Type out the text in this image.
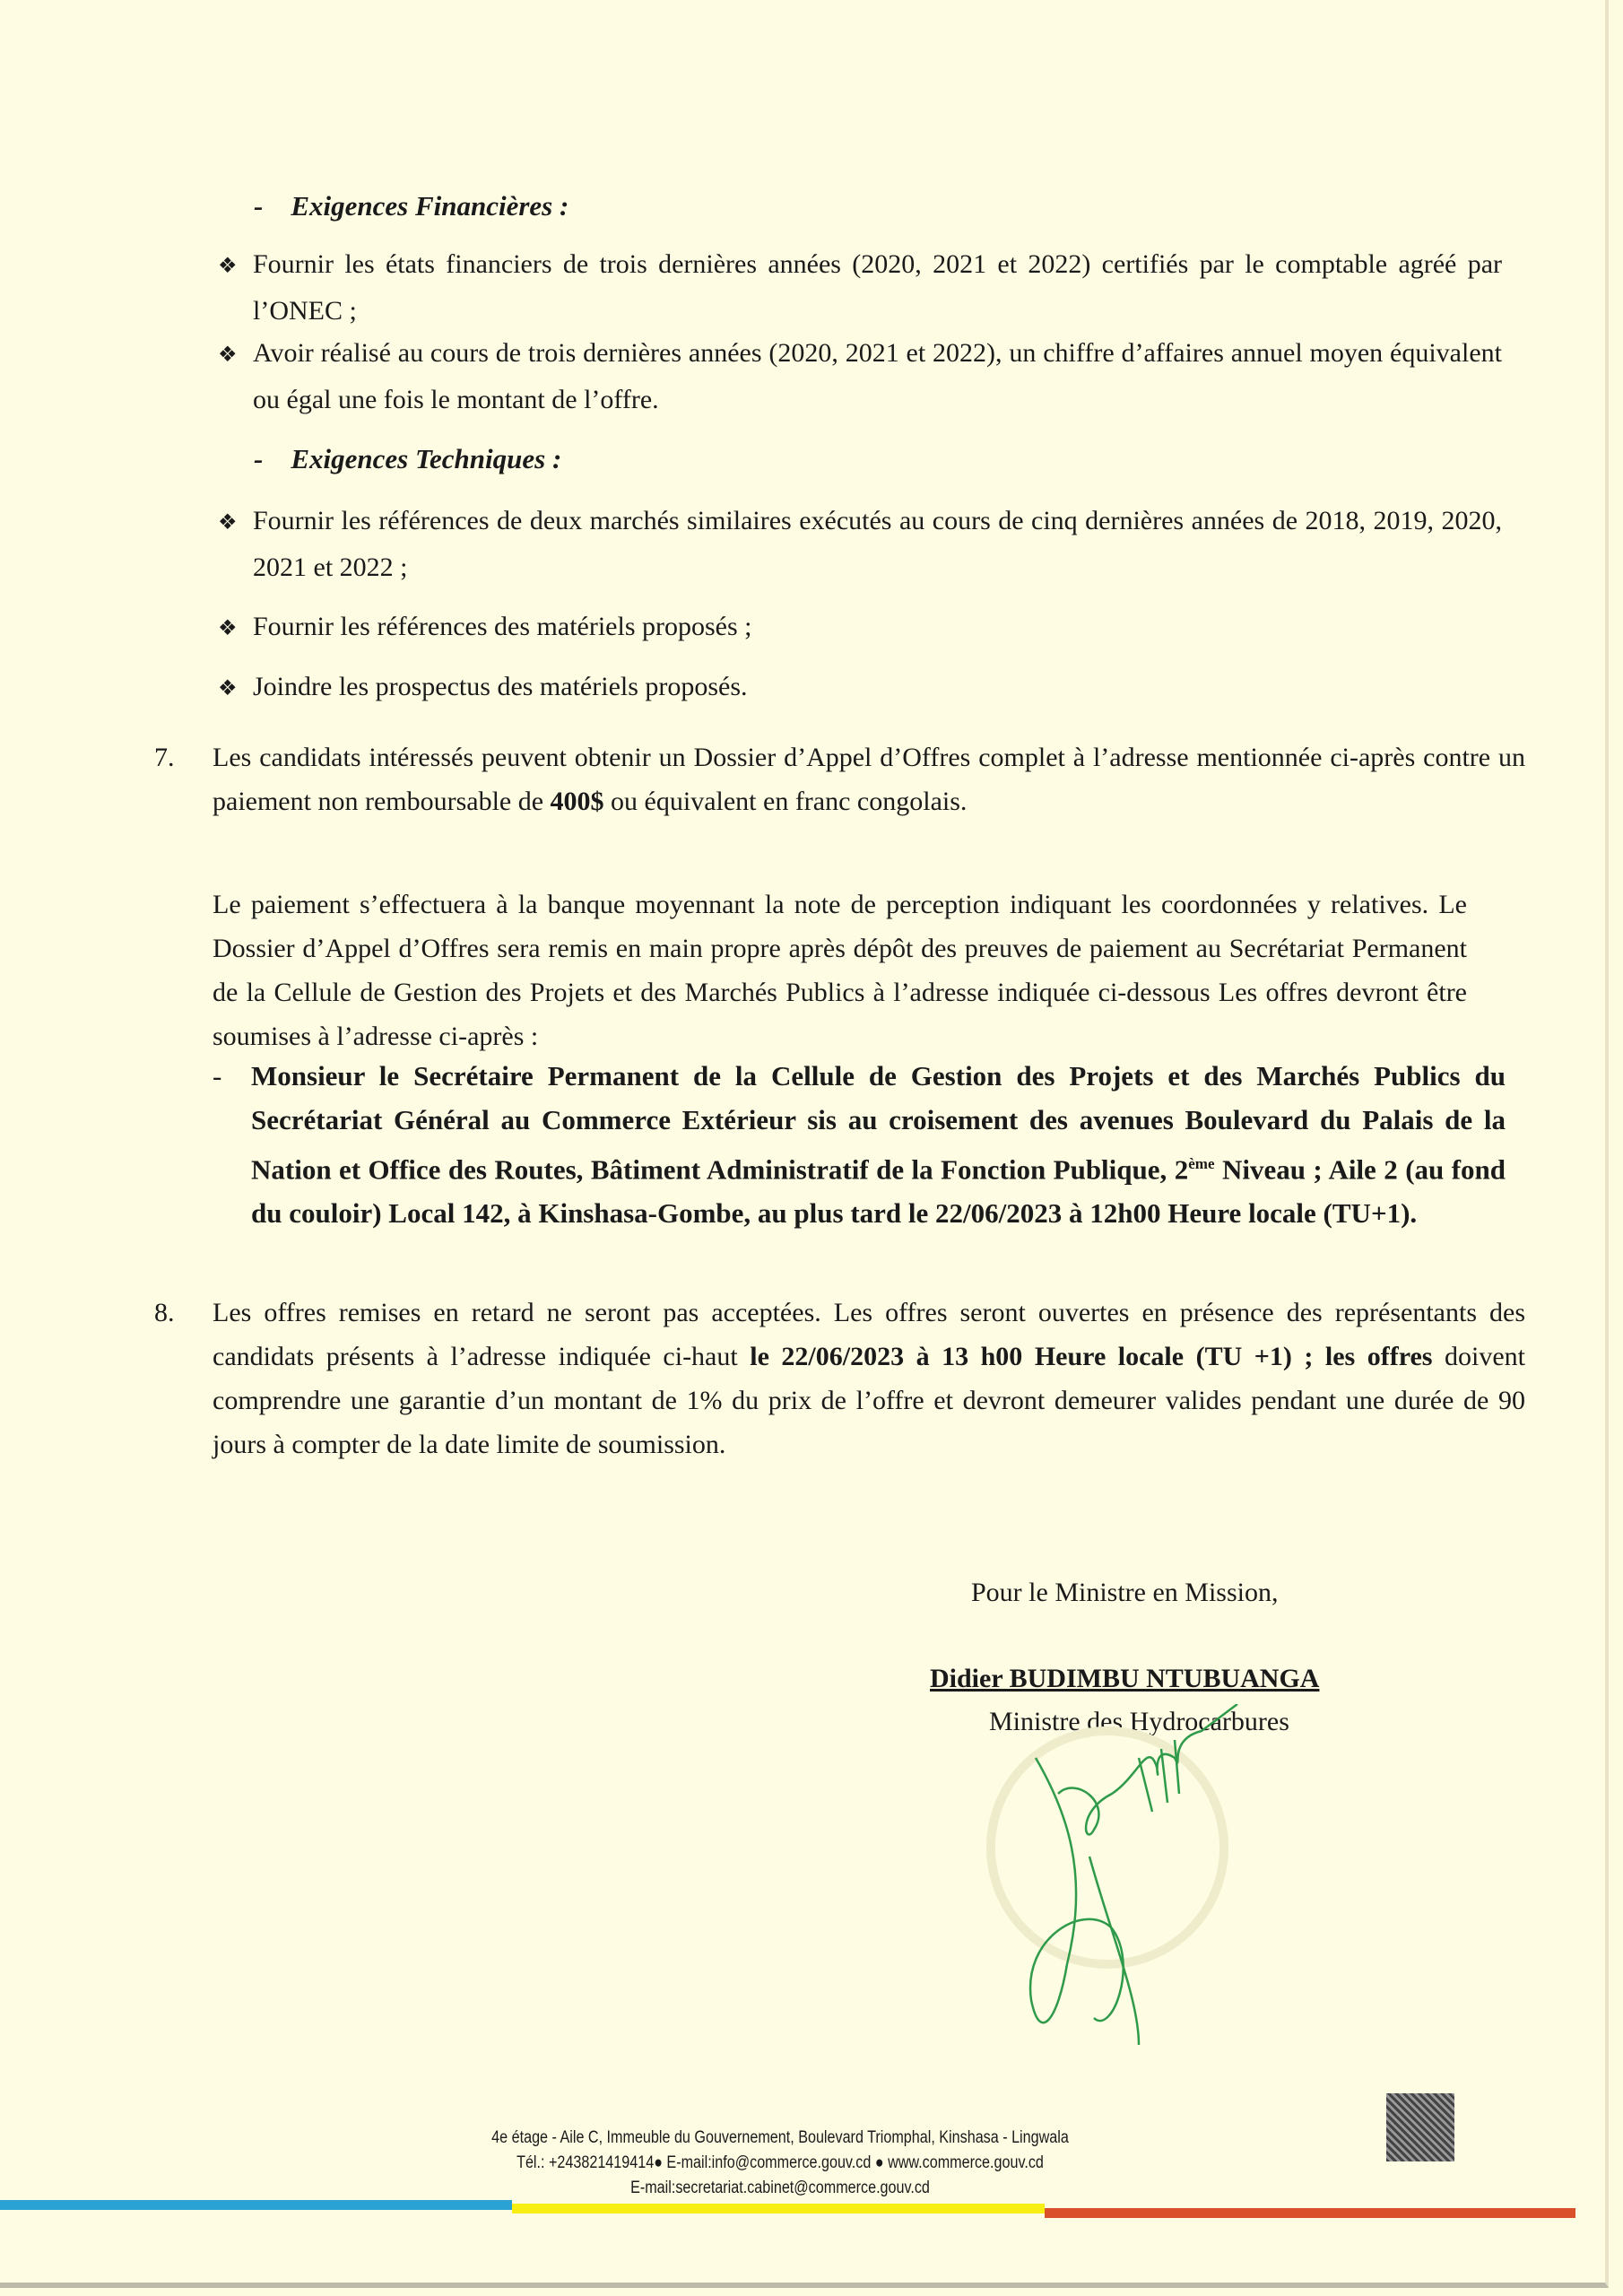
-    Exigences Financières :
❖ Fournir les états financiers de trois dernières années (2020, 2021 et 2022) certifiés par le comptable agréé par l’ONEC ;
❖ Avoir réalisé au cours de trois dernières années (2020, 2021 et 2022), un chiffre d’affaires annuel moyen équivalent ou égal une fois le montant de l’offre.
-    Exigences Techniques :
❖ Fournir les références de deux marchés similaires exécutés au cours de cinq dernières années de 2018, 2019, 2020, 2021 et 2022 ;
❖ Fournir les références des matériels proposés ;
❖ Joindre les prospectus des matériels proposés.
7. Les candidats intéressés peuvent obtenir un Dossier d’Appel d’Offres complet à l’adresse mentionnée ci-après contre un paiement non remboursable de 400$ ou équivalent en franc congolais.
Le paiement s’effectuera à la banque moyennant la note de perception indiquant les coordonnées y relatives. Le Dossier d’Appel d’Offres sera remis en main propre après dépôt des preuves de paiement au Secrétariat Permanent de la Cellule de Gestion des Projets et des Marchés Publics à l’adresse indiquée ci-dessous Les offres devront être soumises à l’adresse ci-après :
- Monsieur le Secrétaire Permanent de la Cellule de Gestion des Projets et des Marchés Publics du Secrétariat Général au Commerce Extérieur sis au croisement des avenues Boulevard du Palais de la Nation et Office des Routes, Bâtiment Administratif de la Fonction Publique, 2ème Niveau ; Aile 2 (au fond du couloir) Local 142, à Kinshasa-Gombe, au plus tard le 22/06/2023 à 12h00 Heure locale (TU+1).
8. Les offres remises en retard ne seront pas acceptées. Les offres seront ouvertes en présence des représentants des candidats présents à l’adresse indiquée ci-haut le 22/06/2023 à 13 h00 Heure locale (TU +1) ; les offres doivent comprendre une garantie d’un montant de 1% du prix de l’offre et devront demeurer valides pendant une durée de 90 jours à compter de la date limite de soumission.
Pour le Ministre en Mission,
Didier BUDIMBU NTUBUANGA
Ministre des Hydrocarbures
4e étage - Aile C, Immeuble du Gouvernement, Boulevard Triomphal, Kinshasa - Lingwala
Tél.: +243821419414● E-mail:info@commerce.gouv.cd ● www.commerce.gouv.cd
E-mail:secretariat.cabinet@commerce.gouv.cd
